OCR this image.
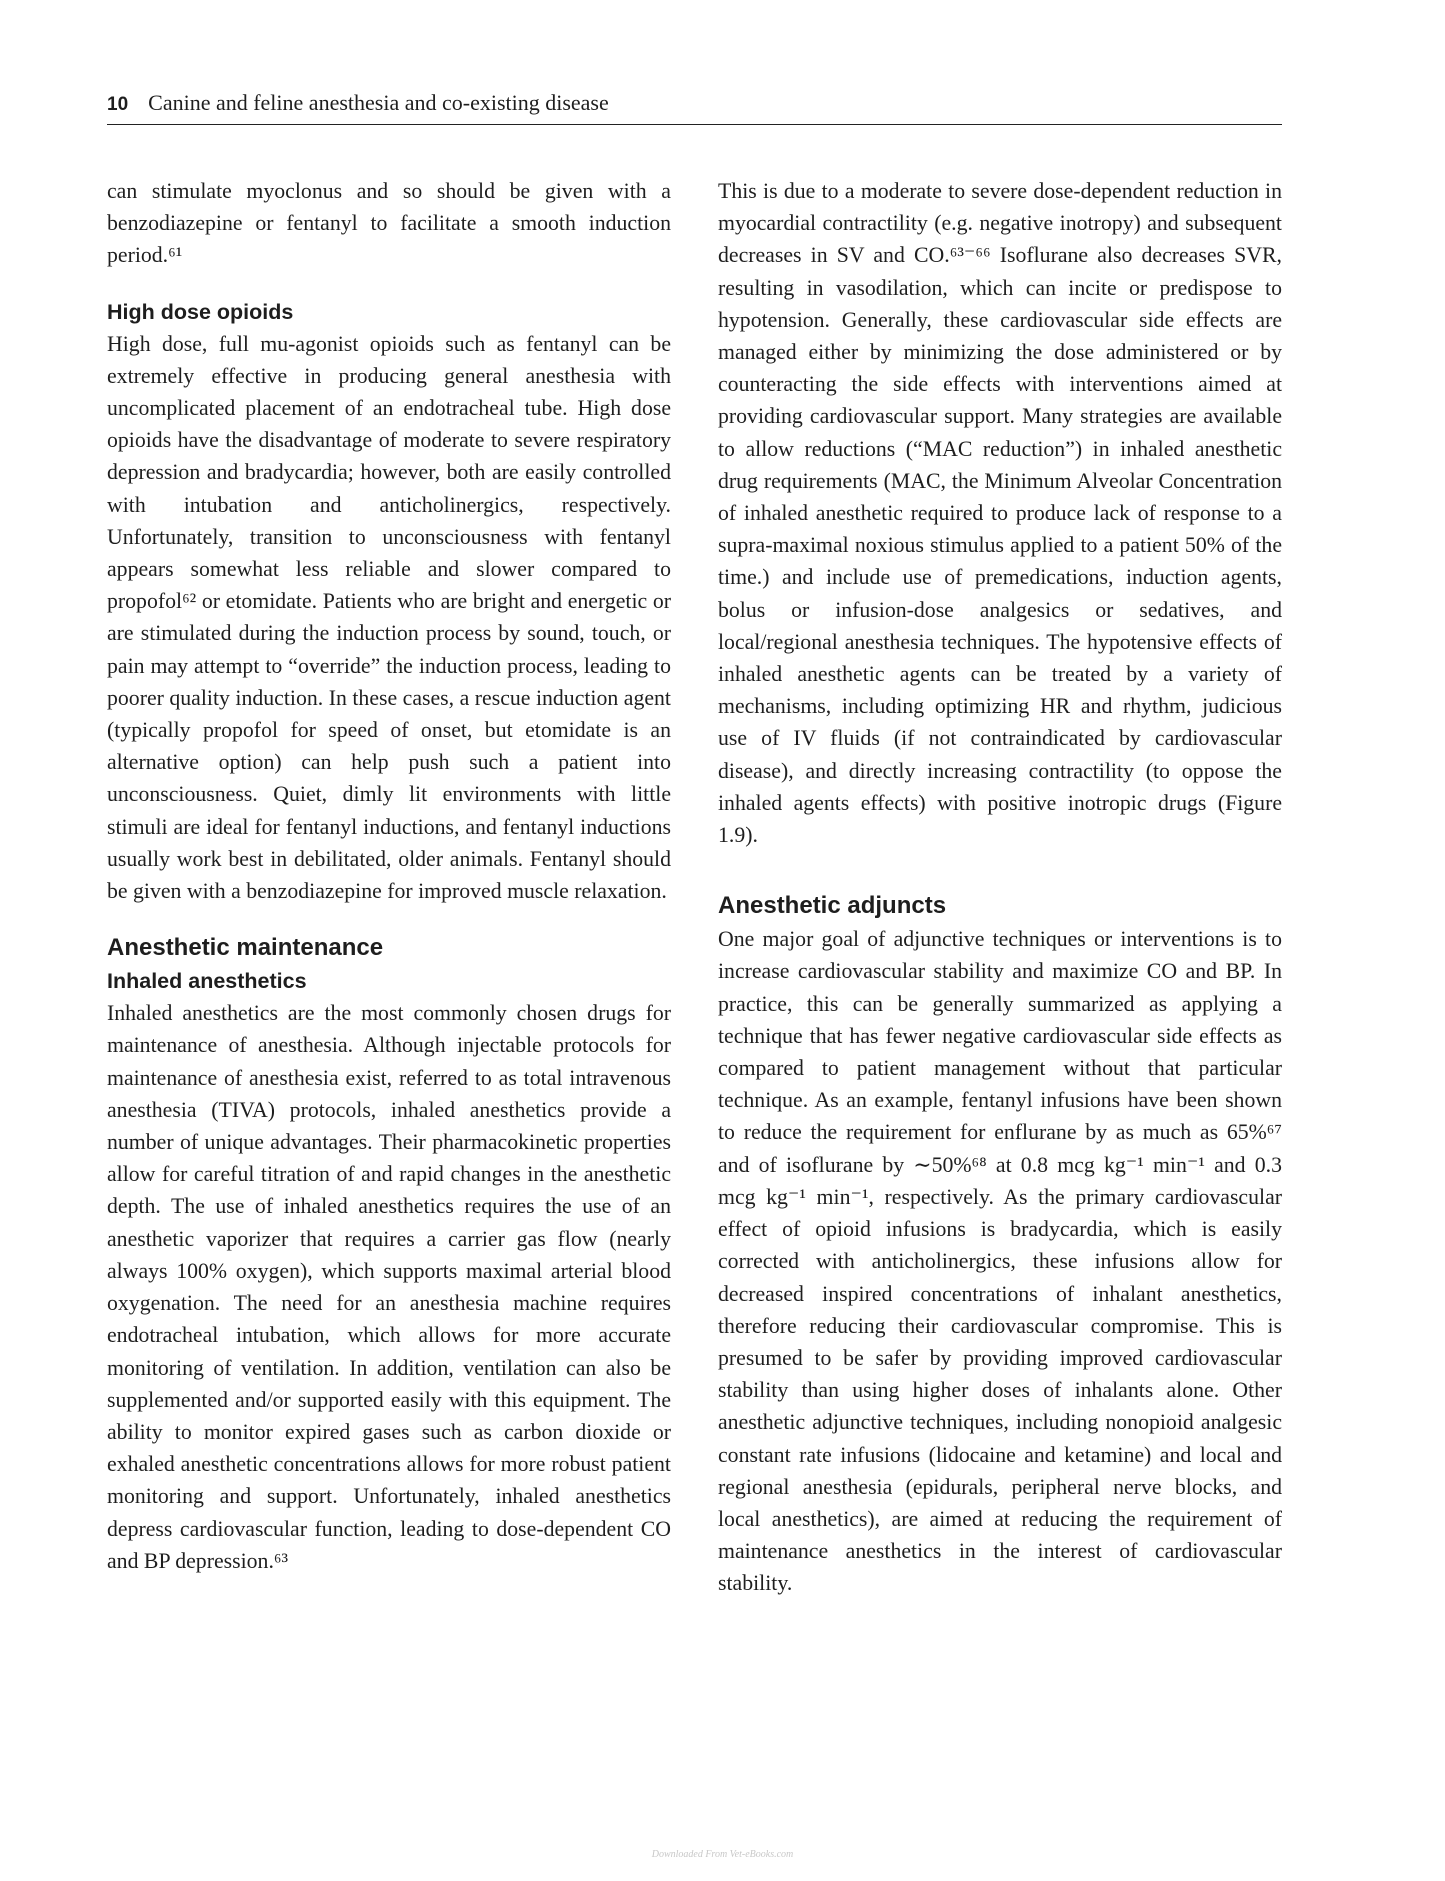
10 Canine and feline anesthesia and co-existing disease

can stimulate myoclonus and so should be given with a benzodiazepine or fentanyl to facilitate a smooth induction period.⁶¹

High dose opioids

High dose, full mu-agonist opioids such as fentanyl can be extremely effective in producing general anesthesia with uncomplicated placement of an endotracheal tube. High dose opioids have the disadvantage of moderate to severe respiratory depression and bradycardia; however, both are easily controlled with intubation and anticholinergics, respectively. Unfortunately, transition to unconsciousness with fentanyl appears somewhat less reliable and slower compared to propofol⁶² or etomidate. Patients who are bright and energetic or are stimulated during the induction process by sound, touch, or pain may attempt to “override” the induction process, leading to poorer quality induction. In these cases, a rescue induction agent (typically propofol for speed of onset, but etomidate is an alternative option) can help push such a patient into unconsciousness. Quiet, dimly lit environments with little stimuli are ideal for fentanyl inductions, and fentanyl inductions usually work best in debilitated, older animals. Fentanyl should be given with a benzodiazepine for improved muscle relaxation.

Anesthetic maintenance

Inhaled anesthetics

Inhaled anesthetics are the most commonly chosen drugs for maintenance of anesthesia. Although injectable protocols for maintenance of anesthesia exist, referred to as total intravenous anesthesia (TIVA) protocols, inhaled anesthetics provide a number of unique advantages. Their pharmacokinetic properties allow for careful titration of and rapid changes in the anesthetic depth. The use of inhaled anesthetics requires the use of an anesthetic vaporizer that requires a carrier gas flow (nearly always 100% oxygen), which supports maximal arterial blood oxygenation. The need for an anesthesia machine requires endotracheal intubation, which allows for more accurate monitoring of ventilation. In addition, ventilation can also be supplemented and/or supported easily with this equipment. The ability to monitor expired gases such as carbon dioxide or exhaled anesthetic concentrations allows for more robust patient monitoring and support. Unfortunately, inhaled anesthetics depress cardiovascular function, leading to dose-dependent CO and BP depression.⁶³

This is due to a moderate to severe dose-dependent reduction in myocardial contractility (e.g. negative inotropy) and subsequent decreases in SV and CO.⁶³⁻⁶⁶ Isoflurane also decreases SVR, resulting in vasodilation, which can incite or predispose to hypotension. Generally, these cardiovascular side effects are managed either by minimizing the dose administered or by counteracting the side effects with interventions aimed at providing cardiovascular support. Many strategies are available to allow reductions (“MAC reduction”) in inhaled anesthetic drug requirements (MAC, the Minimum Alveolar Concentration of inhaled anesthetic required to produce lack of response to a supra-maximal noxious stimulus applied to a patient 50% of the time.) and include use of premedications, induction agents, bolus or infusion-dose analgesics or sedatives, and local/regional anesthesia techniques. The hypotensive effects of inhaled anesthetic agents can be treated by a variety of mechanisms, including optimizing HR and rhythm, judicious use of IV fluids (if not contraindicated by cardiovascular disease), and directly increasing contractility (to oppose the inhaled agents effects) with positive inotropic drugs (Figure 1.9).

Anesthetic adjuncts

One major goal of adjunctive techniques or interventions is to increase cardiovascular stability and maximize CO and BP. In practice, this can be generally summarized as applying a technique that has fewer negative cardiovascular side effects as compared to patient management without that particular technique. As an example, fentanyl infusions have been shown to reduce the requirement for enflurane by as much as 65%⁶⁷ and of isoflurane by ∼50%⁶⁸ at 0.8 mcg kg⁻¹ min⁻¹ and 0.3 mcg kg⁻¹ min⁻¹, respectively. As the primary cardiovascular effect of opioid infusions is bradycardia, which is easily corrected with anticholinergics, these infusions allow for decreased inspired concentrations of inhalant anesthetics, therefore reducing their cardiovascular compromise. This is presumed to be safer by providing improved cardiovascular stability than using higher doses of inhalants alone. Other anesthetic adjunctive techniques, including nonopioid analgesic constant rate infusions (lidocaine and ketamine) and local and regional anesthesia (epidurals, peripheral nerve blocks, and local anesthetics), are aimed at reducing the requirement of maintenance anesthetics in the interest of cardiovascular stability.

Downloaded From Vet-eBooks.com
